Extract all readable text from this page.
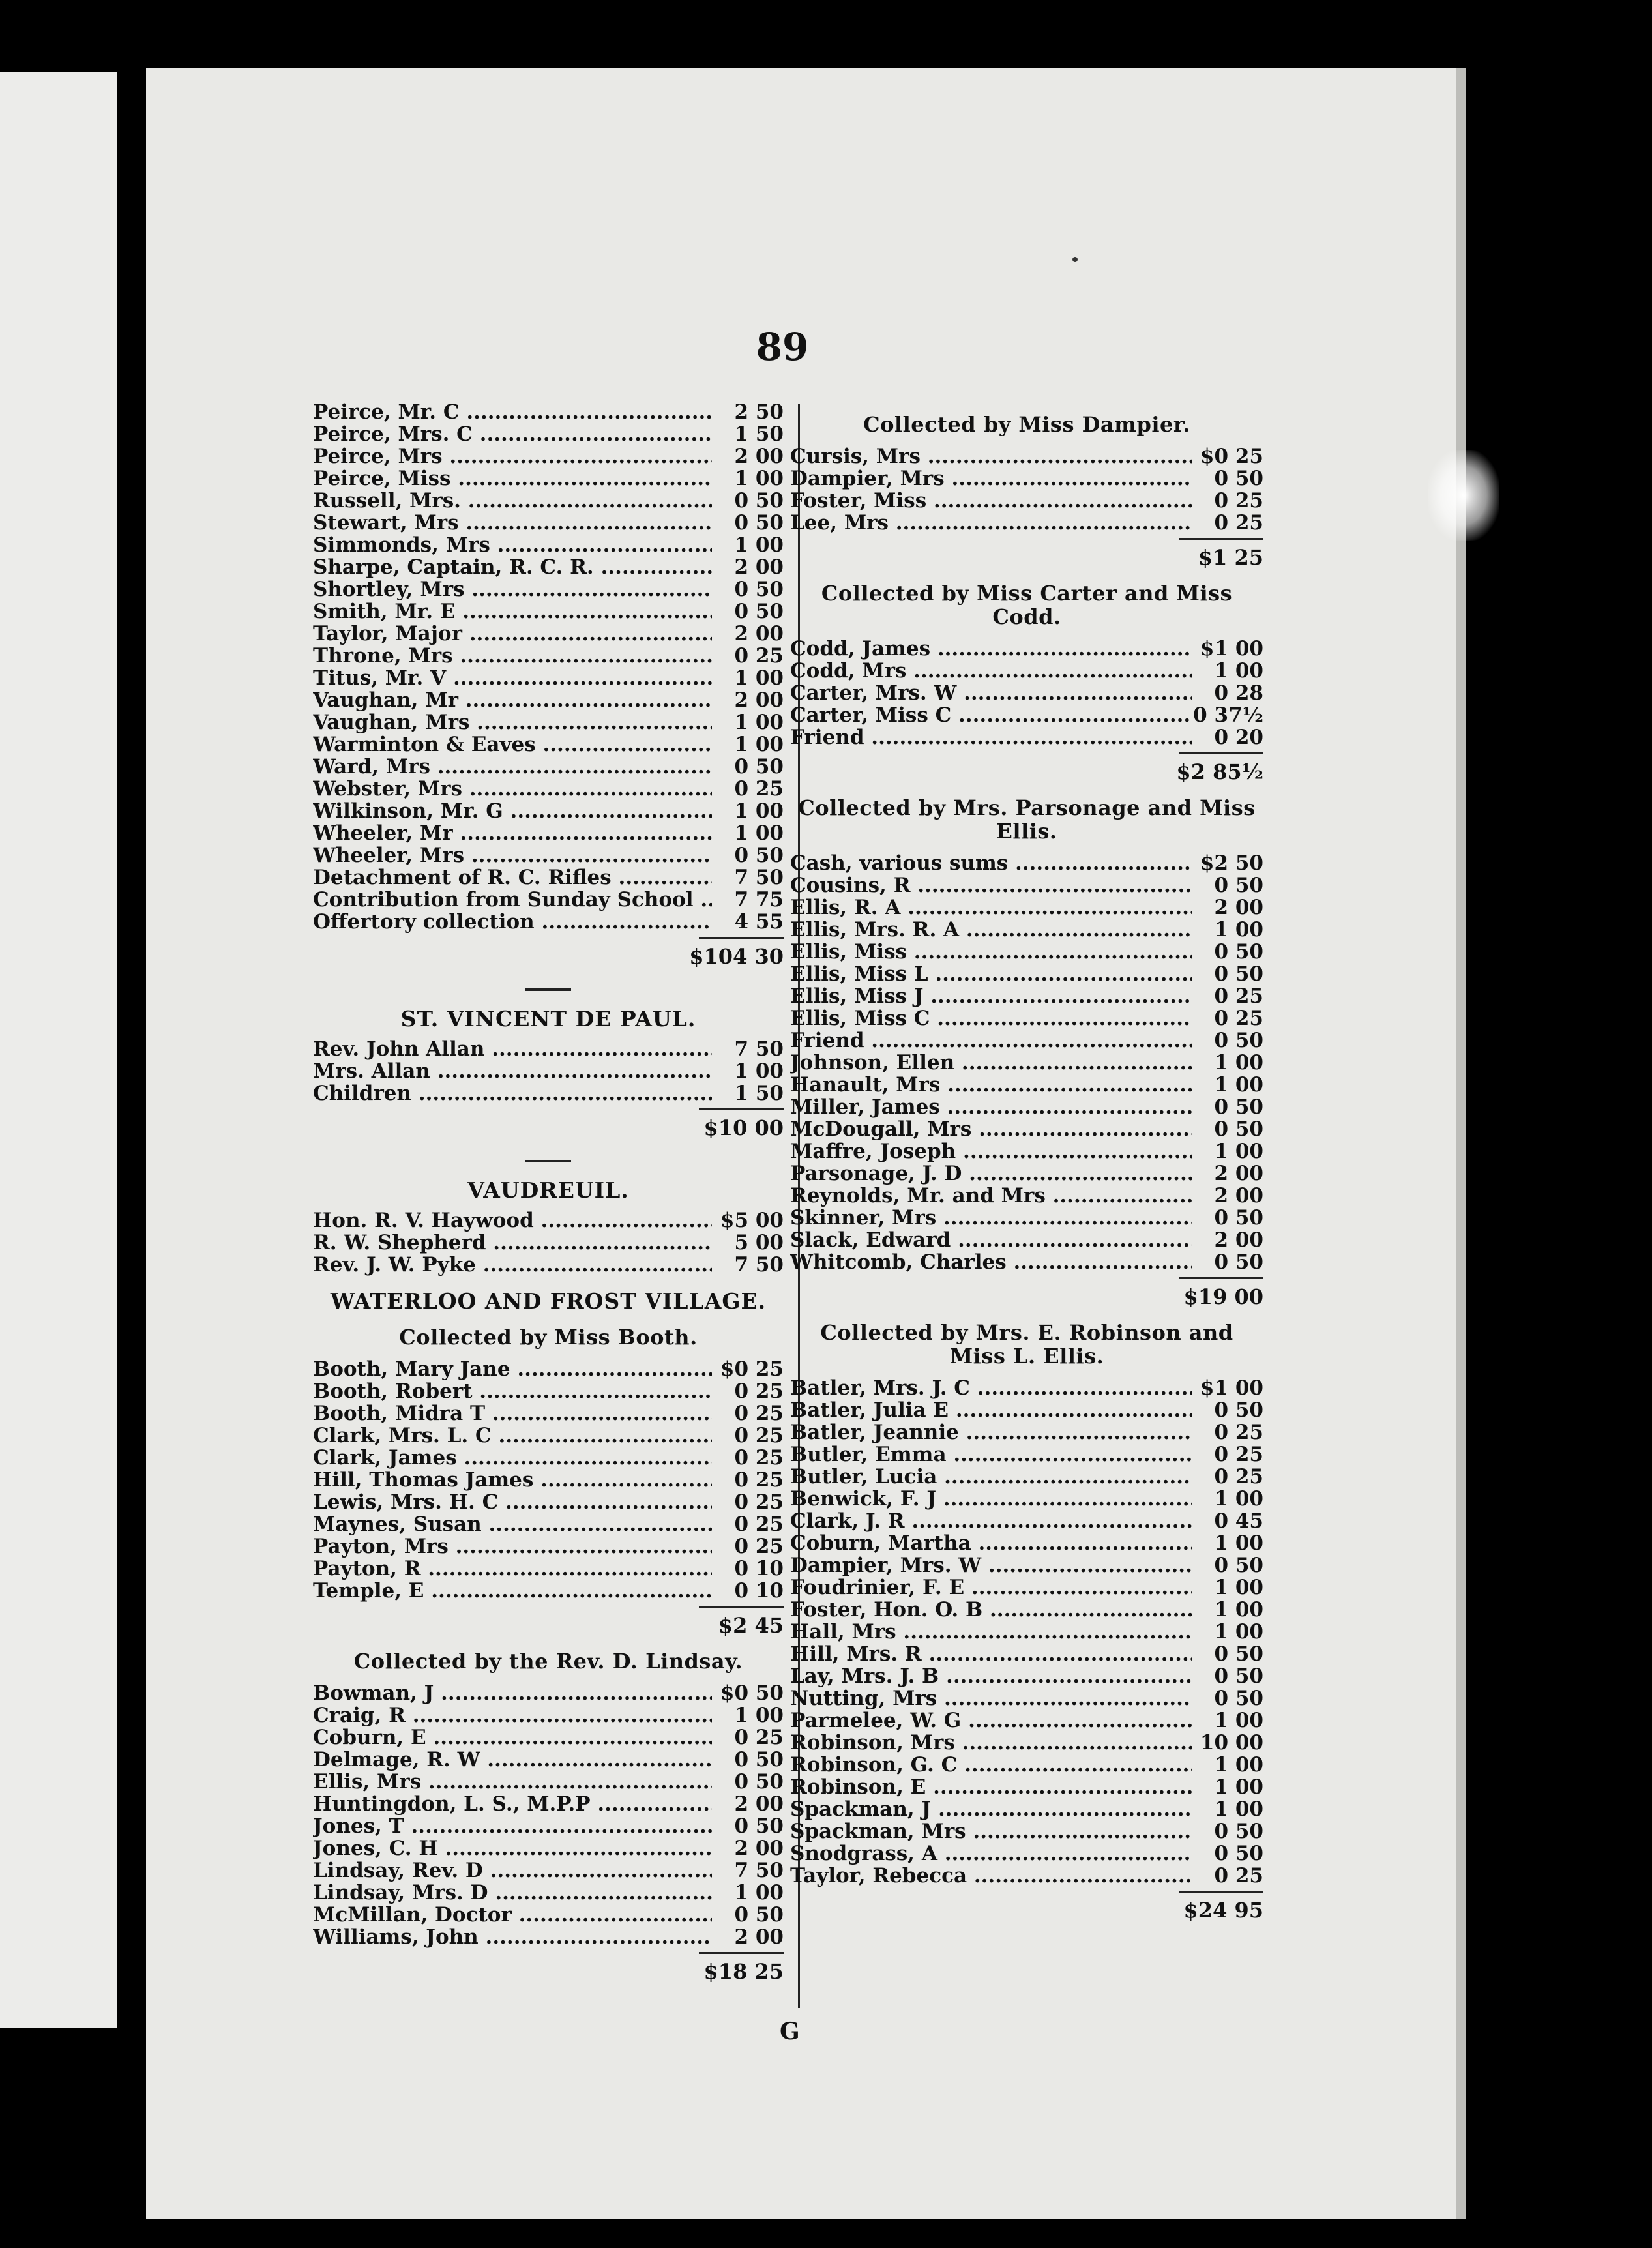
89
Peirce, Mr. C .....	2 50
Peirce, Mrs. C .....	1 50
Peirce, Mrs .....	2 00
Peirce, Miss .....	1 00
Russell, Mrs. .....	0 50
Stewart, Mrs .....	0 50
Simmonds, Mrs .....	1 00
Sharpe, Captain, R. C. R. .....	2 00
Shortley, Mrs .....	0 50
Smith, Mr. E .....	0 50
Taylor, Major .....	2 00
Throne, Mrs .....	0 25
Titus, Mr. V .....	1 00
Vaughan, Mr .....	2 00
Vaughan, Mrs .....	1 00
Warminton & Eaves .....	1 00
Ward, Mrs .....	0 50
Webster, Mrs .....	0 25
Wilkinson, Mr. G .....	1 00
Wheeler, Mr .....	1 00
Wheeler, Mrs .....	0 50
Detachment of R. C. Rifles .....	7 50
Contribution from Sunday School .....	7 75
Offertory collection .....	4 55
$104 30
ST. VINCENT DE PAUL.
Rev. John Allan .....	7 50
Mrs. Allan .....	1 00
Children .....	1 50
$10 00
VAUDREUIL.
Hon. R. V. Haywood .....	$5 00
R. W. Shepherd .....	5 00
Rev. J. W. Pyke .....	7 50
WATERLOO AND FROST VILLAGE.
Collected by Miss Booth.
Booth, Mary Jane .....	$0 25
Booth, Robert .....	0 25
Booth, Midra T .....	0 25
Clark, Mrs. L. C .....	0 25
Clark, James .....	0 25
Hill, Thomas James .....	0 25
Lewis, Mrs. H. C .....	0 25
Maynes, Susan .....	0 25
Payton, Mrs .....	0 25
Payton, R .....	0 10
Temple, E .....	0 10
$2 45
Collected by the Rev. D. Lindsay.
Bowman, J .....	$0 50
Craig, R .....	1 00
Coburn, E .....	0 25
Delmage, R. W .....	0 50
Ellis, Mrs .....	0 50
Huntingdon, L. S., M.P.P .....	2 00
Jones, T .....	0 50
Jones, C. H .....	2 00
Lindsay, Rev. D .....	7 50
Lindsay, Mrs. D .....	1 00
McMillan, Doctor .....	0 50
Williams, John .....	2 00
$18 25
Collected by Miss Dampier.
Cursis, Mrs .....	$0 25
Dampier, Mrs .....	0 50
Foster, Miss .....	0 25
Lee, Mrs .....	0 25
$1 25
Collected by Miss Carter and Miss Codd.
Codd, James .....	$1 00
Codd, Mrs .....	1 00
Carter, Mrs. W .....	0 28
Carter, Miss C .....	0 37½
Friend .....	0 20
$2 85½
Collected by Mrs. Parsonage and Miss Ellis.
Cash, various sums .....	$2 50
Cousins, R .....	0 50
Ellis, R. A .....	2 00
Ellis, Mrs. R. A .....	1 00
Ellis, Miss .....	0 50
Ellis, Miss L .....	0 50
Ellis, Miss J .....	0 25
Ellis, Miss C .....	0 25
Friend .....	0 50
Johnson, Ellen .....	1 00
Hanault, Mrs .....	1 00
Miller, James .....	0 50
McDougall, Mrs .....	0 50
Maffre, Joseph .....	1 00
Parsonage, J. D .....	2 00
Reynolds, Mr. and Mrs .....	2 00
Skinner, Mrs .....	0 50
Slack, Edward .....	2 00
Whitcomb, Charles .....	0 50
$19 00
Collected by Mrs. E. Robinson and Miss L. Ellis.
Batler, Mrs. J. C .....	$1 00
Batler, Julia E .....	0 50
Batler, Jeannie .....	0 25
Butler, Emma .....	0 25
Butler, Lucia .....	0 25
Benwick, F. J .....	1 00
Clark, J. R .....	0 45
Coburn, Martha .....	1 00
Dampier, Mrs. W .....	0 50
Foudrinier, F. E .....	1 00
Foster, Hon. O. B .....	1 00
Hall, Mrs .....	1 00
Hill, Mrs. R .....	0 50
Lay, Mrs. J. B .....	0 50
Nutting, Mrs .....	0 50
Parmelee, W. G .....	1 00
Robinson, Mrs .....	10 00
Robinson, G. C .....	1 00
Robinson, E .....	1 00
Spackman, J .....	1 00
Spackman, Mrs .....	0 50
Snodgrass, A .....	0 50
Taylor, Rebecca .....	0 25
$24 95
G
